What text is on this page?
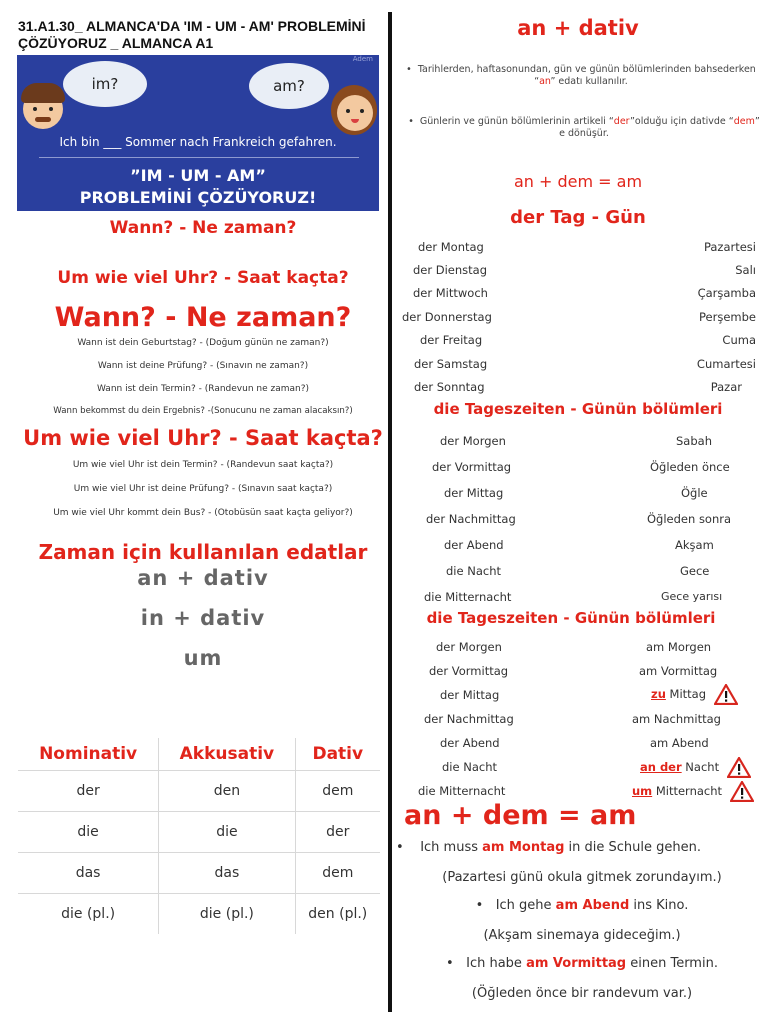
31.A1.30_ ALMANCA'DA 'IM - UM - AM' PROBLEMİNİ ÇÖZÜYORUZ _ ALMANCA A1
Adem
im?	am?
Ich bin ___ Sommer nach Frankreich gefahren.
”IM - UM - AM”
PROBLEMİNİ ÇÖZÜYORUZ!
Wann? - Ne zaman?
Um wie viel Uhr? - Saat kaçta?
Wann? - Ne zaman?
Wann ist dein Geburtstag? - (Doğum günün ne zaman?)
Wann ist deine Prüfung? - (Sınavın ne zaman?)
Wann ist dein Termin? - (Randevun ne zaman?)
Wann bekommst du dein Ergebnis? -(Sonucunu ne zaman alacaksın?)
Um wie viel Uhr? - Saat kaçta?
Um wie viel Uhr ist dein Termin? - (Randevun saat kaçta?)
Um wie viel Uhr ist deine Prüfung? - (Sınavın saat kaçta?)
Um wie viel Uhr kommt dein Bus? - (Otobüsün saat kaçta geliyor?)
Zaman için kullanılan edatlar
an + dativ
in + dativ
um
Nominativ	Akkusativ	Dativ
der	den	dem
die	die	der
das	das	dem
die (pl.)	die (pl.)	den (pl.)
an + dativ
•  Tarihlerden, haftasonundan, gün ve günün bölümlerinden bahsederken “an” edatı kullanılır.
•  Günlerin ve günün bölümlerinin artikeli “der”olduğu için dativde “dem” e dönüşür.
an + dem = am
der Tag - Gün
der Montag	Pazartesi
der Dienstag	Salı
der Mittwoch	Çarşamba
der Donnerstag	Perşembe
der Freitag	Cuma
der Samstag	Cumartesi
der Sonntag	Pazar
die Tageszeiten - Günün bölümleri
der Morgen	Sabah
der Vormittag	Öğleden önce
der Mittag	Öğle
der Nachmittag	Öğleden sonra
der Abend	Akşam
die Nacht	Gece
die Mitternacht	Gece yarısı
die Tageszeiten - Günün bölümleri
der Morgen	am Morgen
der Vormittag	am Vormittag
der Mittag	zu Mittag
der Nachmittag	am Nachmittag
der Abend	am Abend
die Nacht	an der Nacht
die Mitternacht	um Mitternacht
an + dem = am
•    Ich muss am Montag in die Schule gehen.
(Pazartesi günü okula gitmek zorundayım.)
•   Ich gehe am Abend ins Kino.
(Akşam sinemaya gideceğim.)
•   Ich habe am Vormittag einen Termin.
(Öğleden önce bir randevum var.)
